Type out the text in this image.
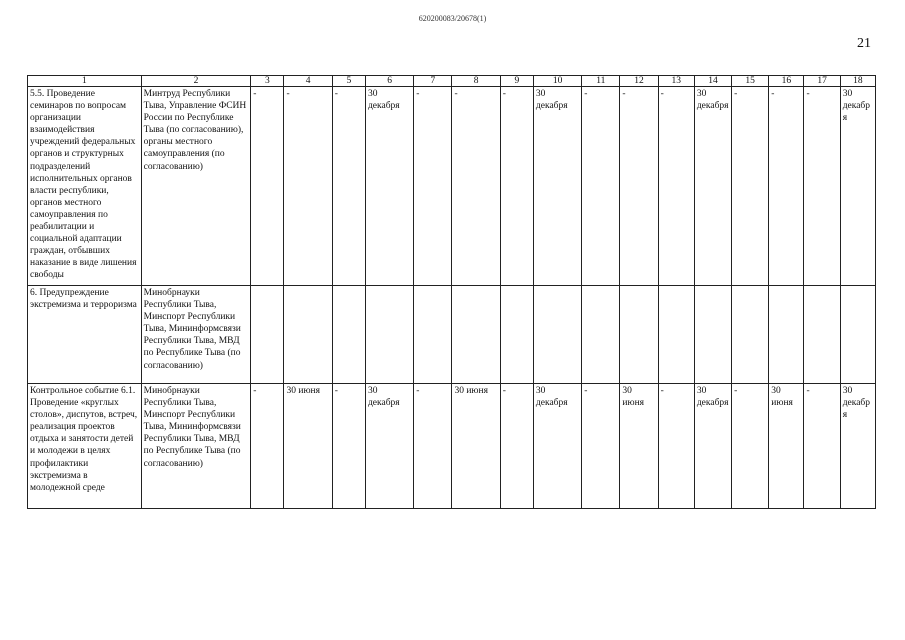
620200083/20678(1)
21
1	2	3	4	5	6	7	8	9	10	11	12	13	14	15	16	17	18
5.5. Проведение семинаров по вопросам организации взаимодействия учреждений федеральных органов и структурных подразделений исполнительных органов власти республики, органов местного самоуправления по реабилитации и социальной адаптации граждан, отбывших наказание в виде лишения свободы	Минтруд Республики Тыва, Управление ФСИН России по Республике Тыва (по согласованию), органы местного самоуправления (по согласованию)	-	-	-	30 декабря	-	-	-	30 декабря	-	-	-	30 декабря	-	-	-	30 декабря
6. Предупреждение экстремизма и терроризма	Минобрнауки Республики Тыва, Минспорт Республики Тыва, Мининформсвязи Республики Тыва, МВД по Республике Тыва (по согласованию)																
Контрольное событие 6.1. Проведение «круглых столов», диспутов, встреч, реализация проектов отдыха и занятости детей и молодежи в целях профилактики экстремизма в молодежной среде	Минобрнауки Республики Тыва, Минспорт Республики Тыва, Мининформсвязи Республики Тыва, МВД по Республике Тыва (по согласованию)	-	30 июня	-	30 декабря	-	30 июня	-	30 декабря	-	30 июня	-	30 декабря	-	30 июня	-	30 декабря
